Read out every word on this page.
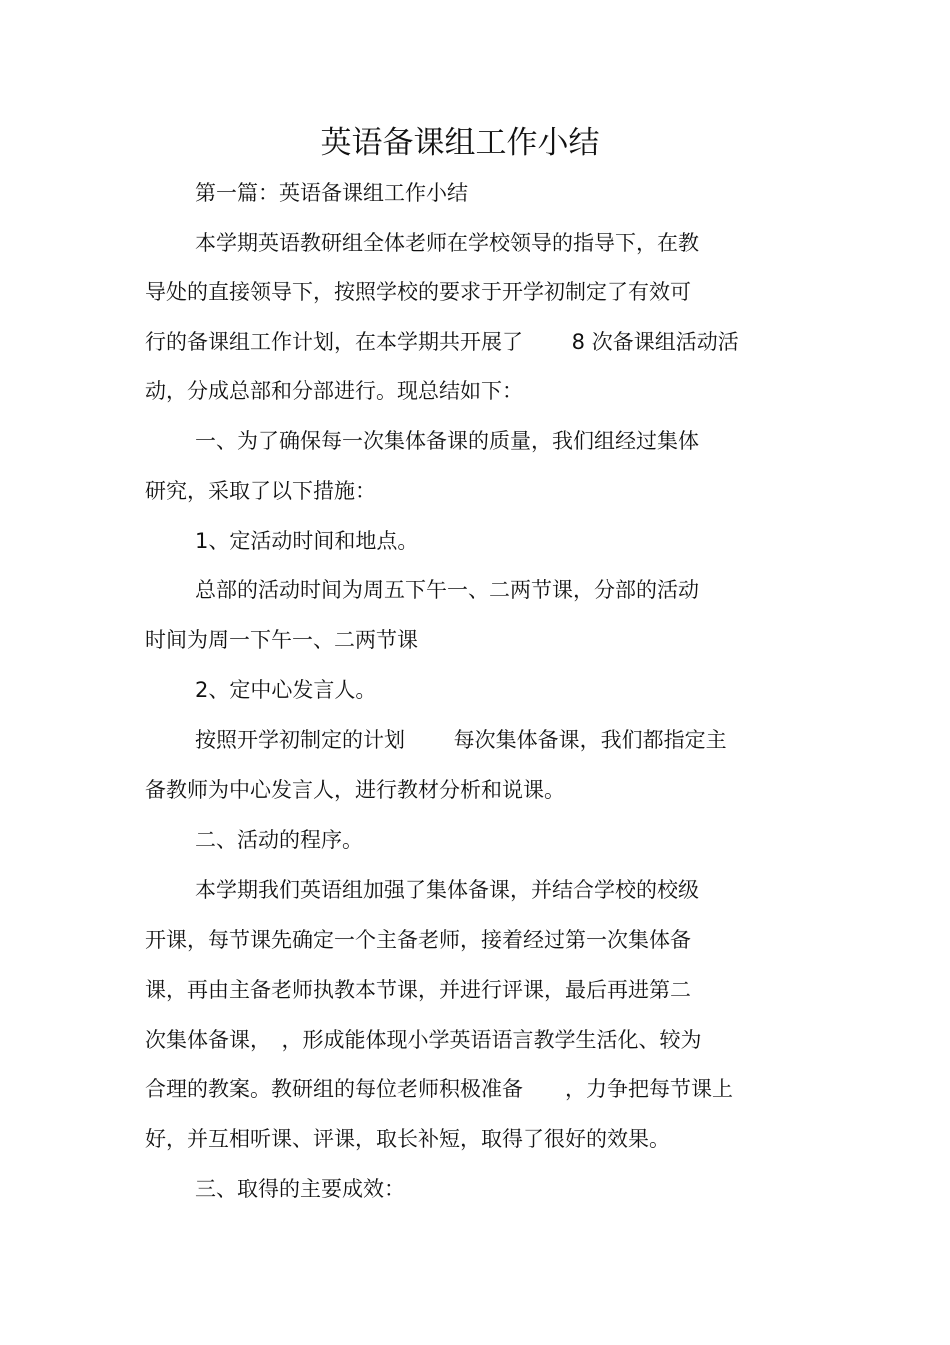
英语备课组工作小结
第一篇：英语备课组工作小结
本学期英语教研组全体老师在学校领导的指导下，在教
导处的直接领导下，按照学校的要求于开学初制定了有效可
行的备课组工作计划，在本学期共开展了　　 8 次备课组活动活
动，分成总部和分部进行。现总结如下：
一、为了确保每一次集体备课的质量，我们组经过集体
研究，采取了以下措施：
1、定活动时间和地点。
总部的活动时间为周五下午一、二两节课，分部的活动
时间为周一下午一、二两节课
2、定中心发言人。
按照开学初制定的计划　　 每次集体备课，我们都指定主
备教师为中心发言人，进行教材分析和说课。
二、活动的程序。
本学期我们英语组加强了集体备课，并结合学校的校级
开课，每节课先确定一个主备老师，接着经过第一次集体备
课，再由主备老师执教本节课，并进行评课，最后再进第二
次集体备课，　，形成能体现小学英语语言教学生活化、较为
合理的教案。教研组的每位老师积极准备　　，力争把每节课上
好，并互相听课、评课，取长补短，取得了很好的效果。
三、取得的主要成效：
